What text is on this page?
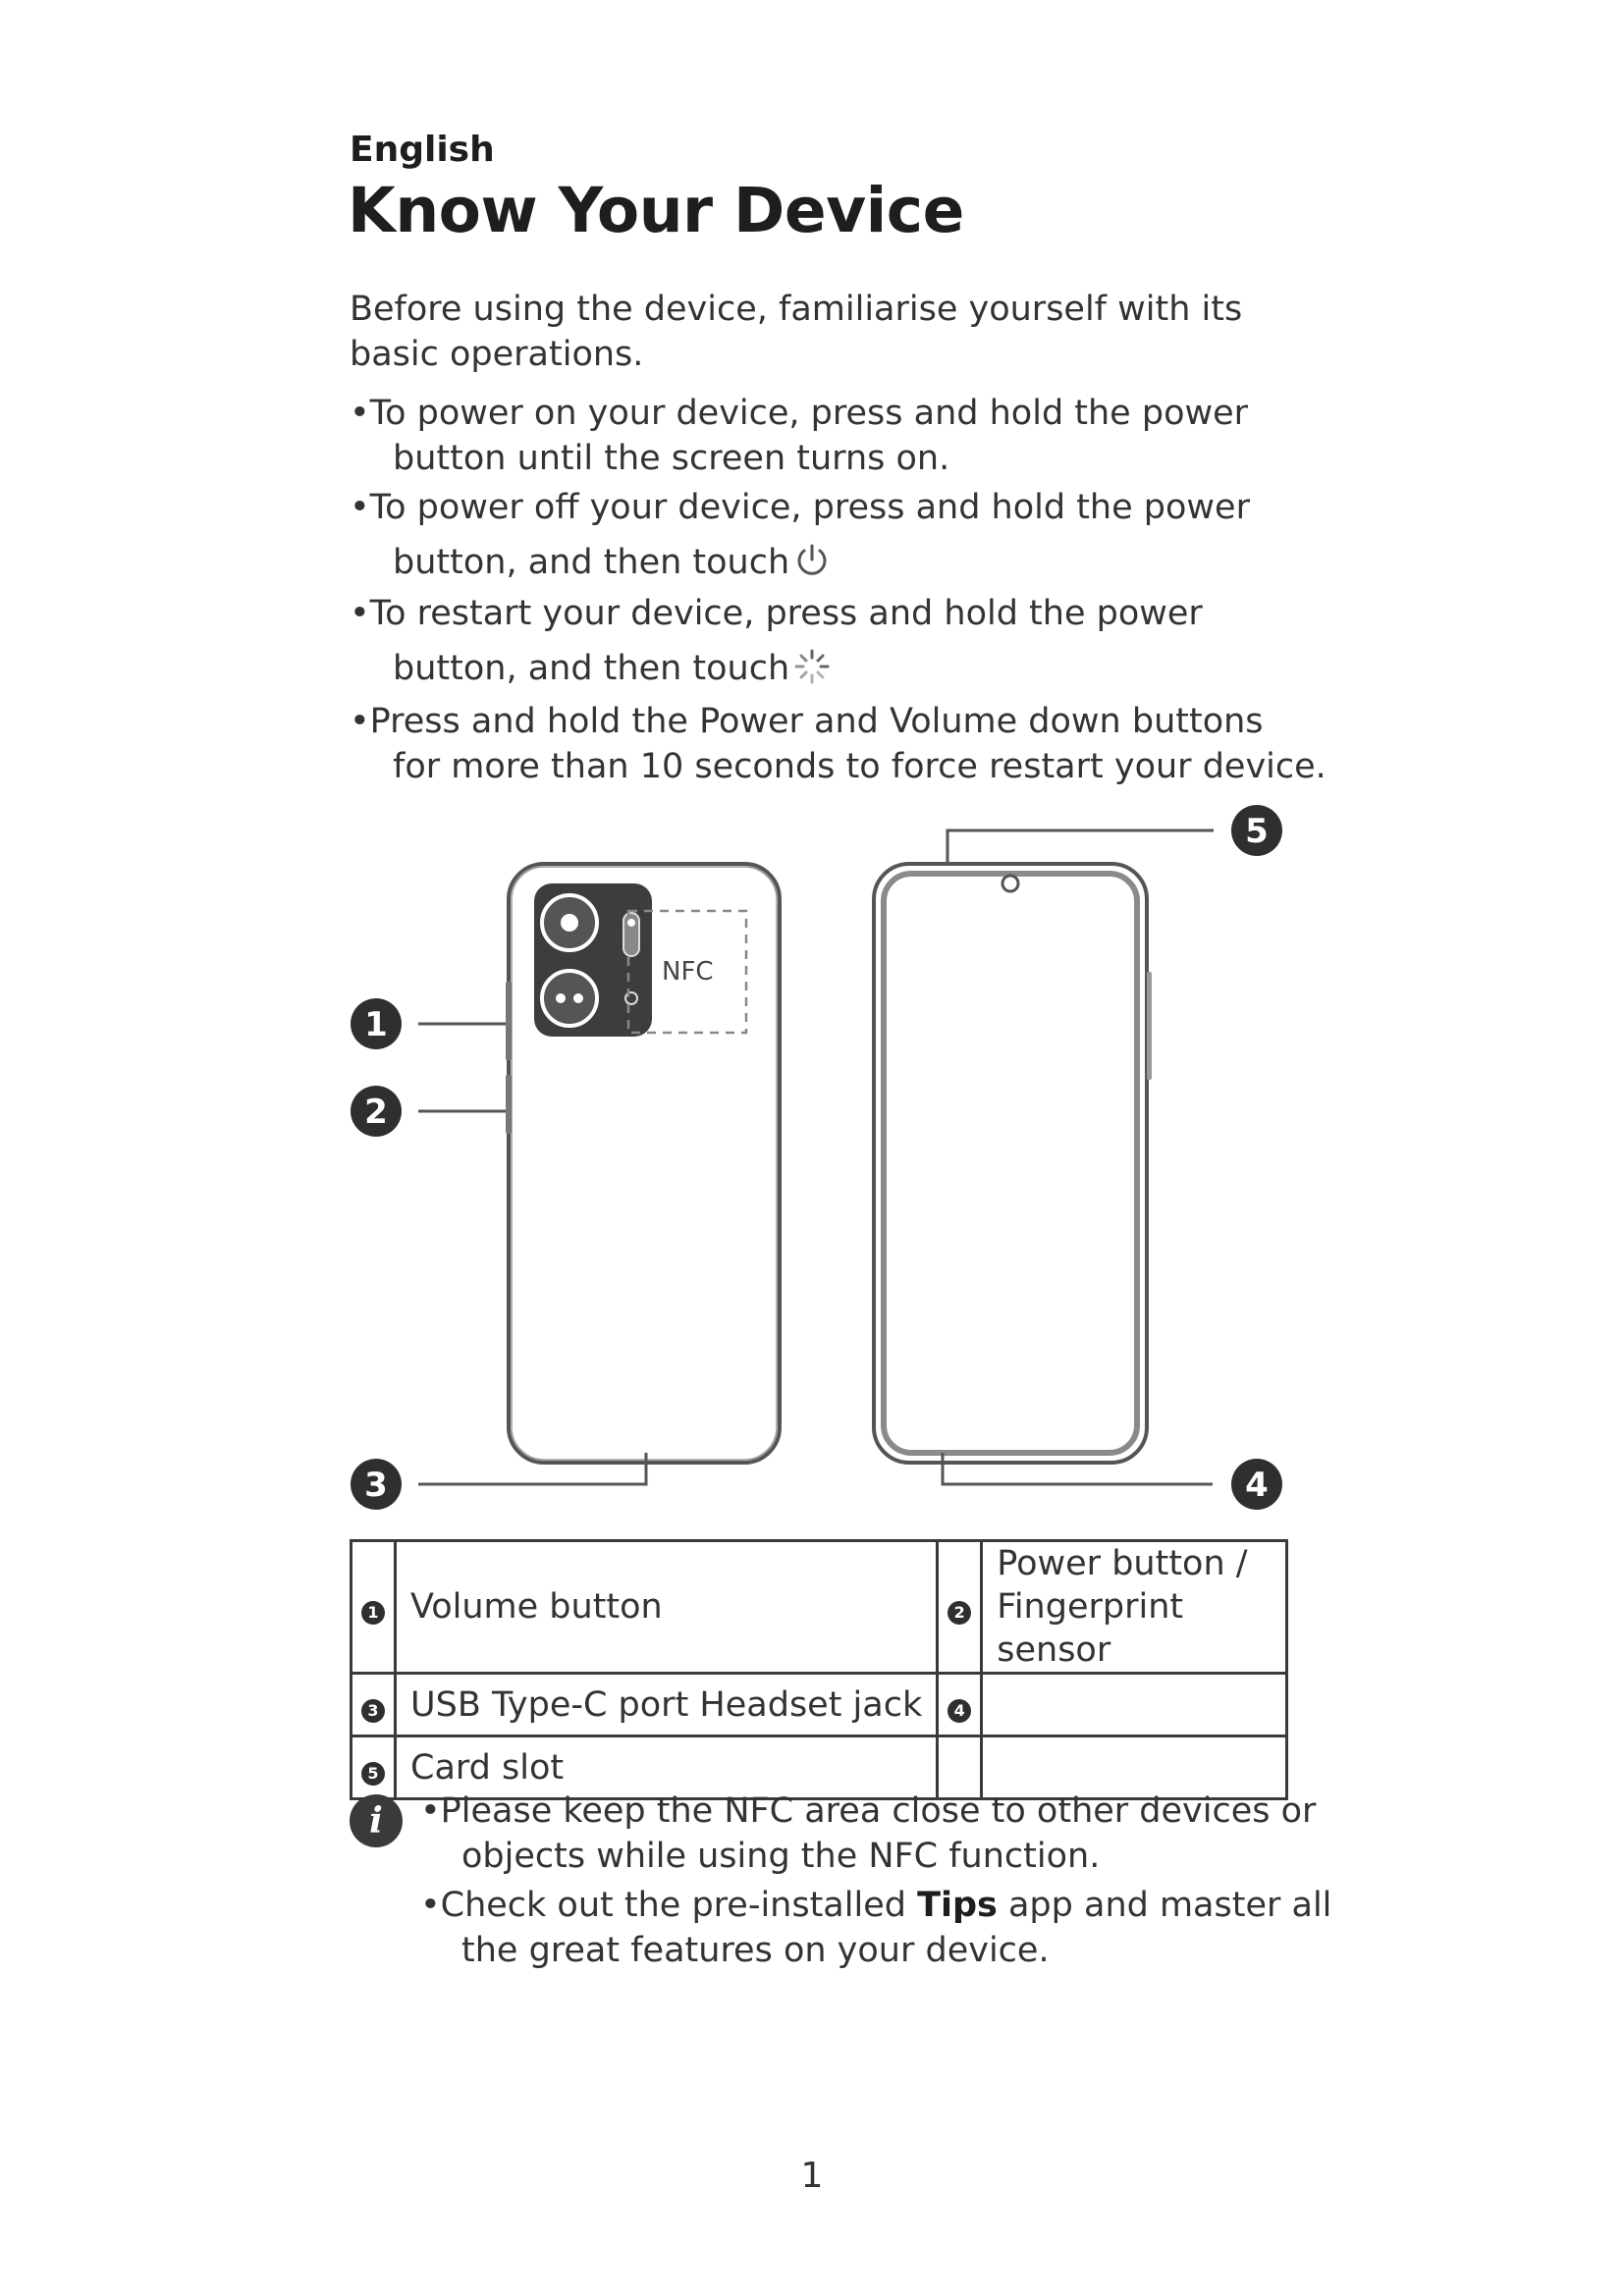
English
Know Your Device
Before using the device, familiarise yourself with its basic operations.
•To power on your device, press and hold the power
button until the screen turns on.
•To power off your device, press and hold the power
button, and then touch
•To restart your device, press and hold the power
button, and then touch
•Press and hold the Power and Volume down buttons
for more than 10 seconds to force restart your device.
NFC
1
2
3	4
5
1	Volume button	2	Power button /
Fingerprint sensor

3	USB Type-C port Headset jack	4	
5	Card slot		
i	•Please keep the NFC area close to other devices or
objects while using the NFC function.
•Check out the pre-installed Tips app and master all
the great features on your device.
1
